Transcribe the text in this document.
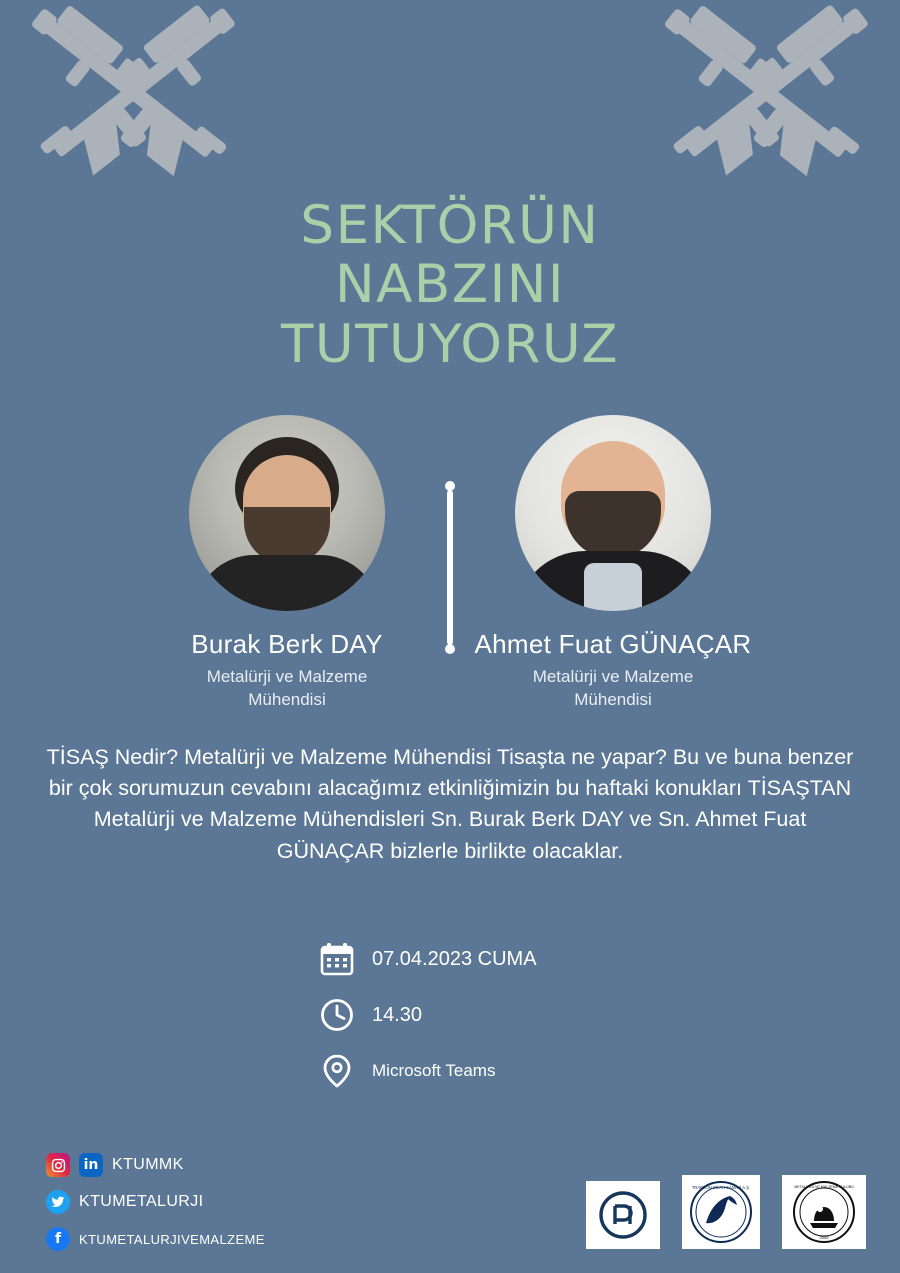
SEKTÖRÜN
NABZINI
TUTUYORUZ
Burak Berk DAY
Metalürji ve Malzeme
Mühendisi
Ahmet Fuat GÜNAÇAR
Metalürji ve Malzeme
Mühendisi
TİSAŞ Nedir? Metalürji ve Malzeme Mühendisi Tisaşta ne yapar? Bu ve buna benzer bir çok sorumuzun cevabını alacağımız etkinliğimizin bu haftaki konukları TİSAŞTAN Metalürji ve Malzeme Mühendisleri Sn. Burak Berk DAY ve Sn. Ahmet Fuat GÜNAÇAR bizlerle birlikte olacaklar.
07.04.2023 CUMA
14.30
Microsoft Teams
in KTUMMK
KTUMETALURJI
f	KTUMETALURJIVEMALZEME
TRABZON SİLAH SANAYİ A.Ş.	METALURJİ VE MALZEME KULÜBÜ
2009
